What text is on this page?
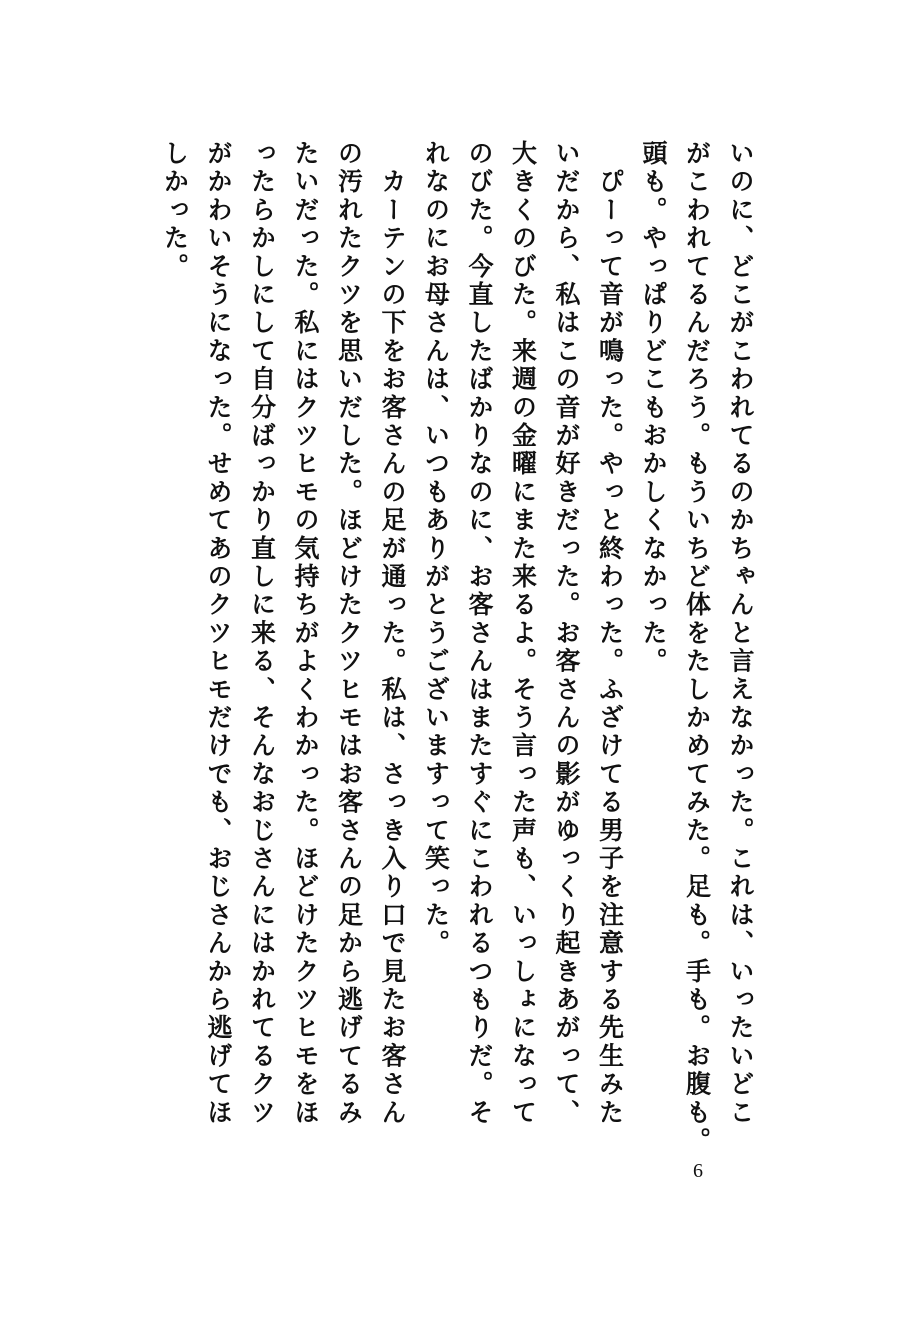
いのに、どこがこわれてるのかちゃんと言えなかった。これは、いったいどこ
がこわれてるんだろう。もういちど体をたしかめてみた。足も。手も。お腹も。
頭も。やっぱりどこもおかしくなかった。
　ぴーって音が鳴った。やっと終わった。ふざけてる男子を注意する先生みた
いだから、私はこの音が好きだった。お客さんの影がゆっくり起きあがって、
大きくのびた。来週の金曜にまた来るよ。そう言った声も、いっしょになって
のびた。今直したばかりなのに、お客さんはまたすぐにこわれるつもりだ。そ
れなのにお母さんは、いつもありがとうございますって笑った。
　カーテンの下をお客さんの足が通った。私は、さっき入り口で見たお客さん
の汚れたクツを思いだした。ほどけたクツヒモはお客さんの足から逃げてるみ
たいだった。私にはクツヒモの気持ちがよくわかった。ほどけたクツヒモをほ
ったらかしにして自分ばっかり直しに来る、そんなおじさんにはかれてるクツ
がかわいそうになった。せめてあのクツヒモだけでも、おじさんから逃げてほ
しかった。
6
